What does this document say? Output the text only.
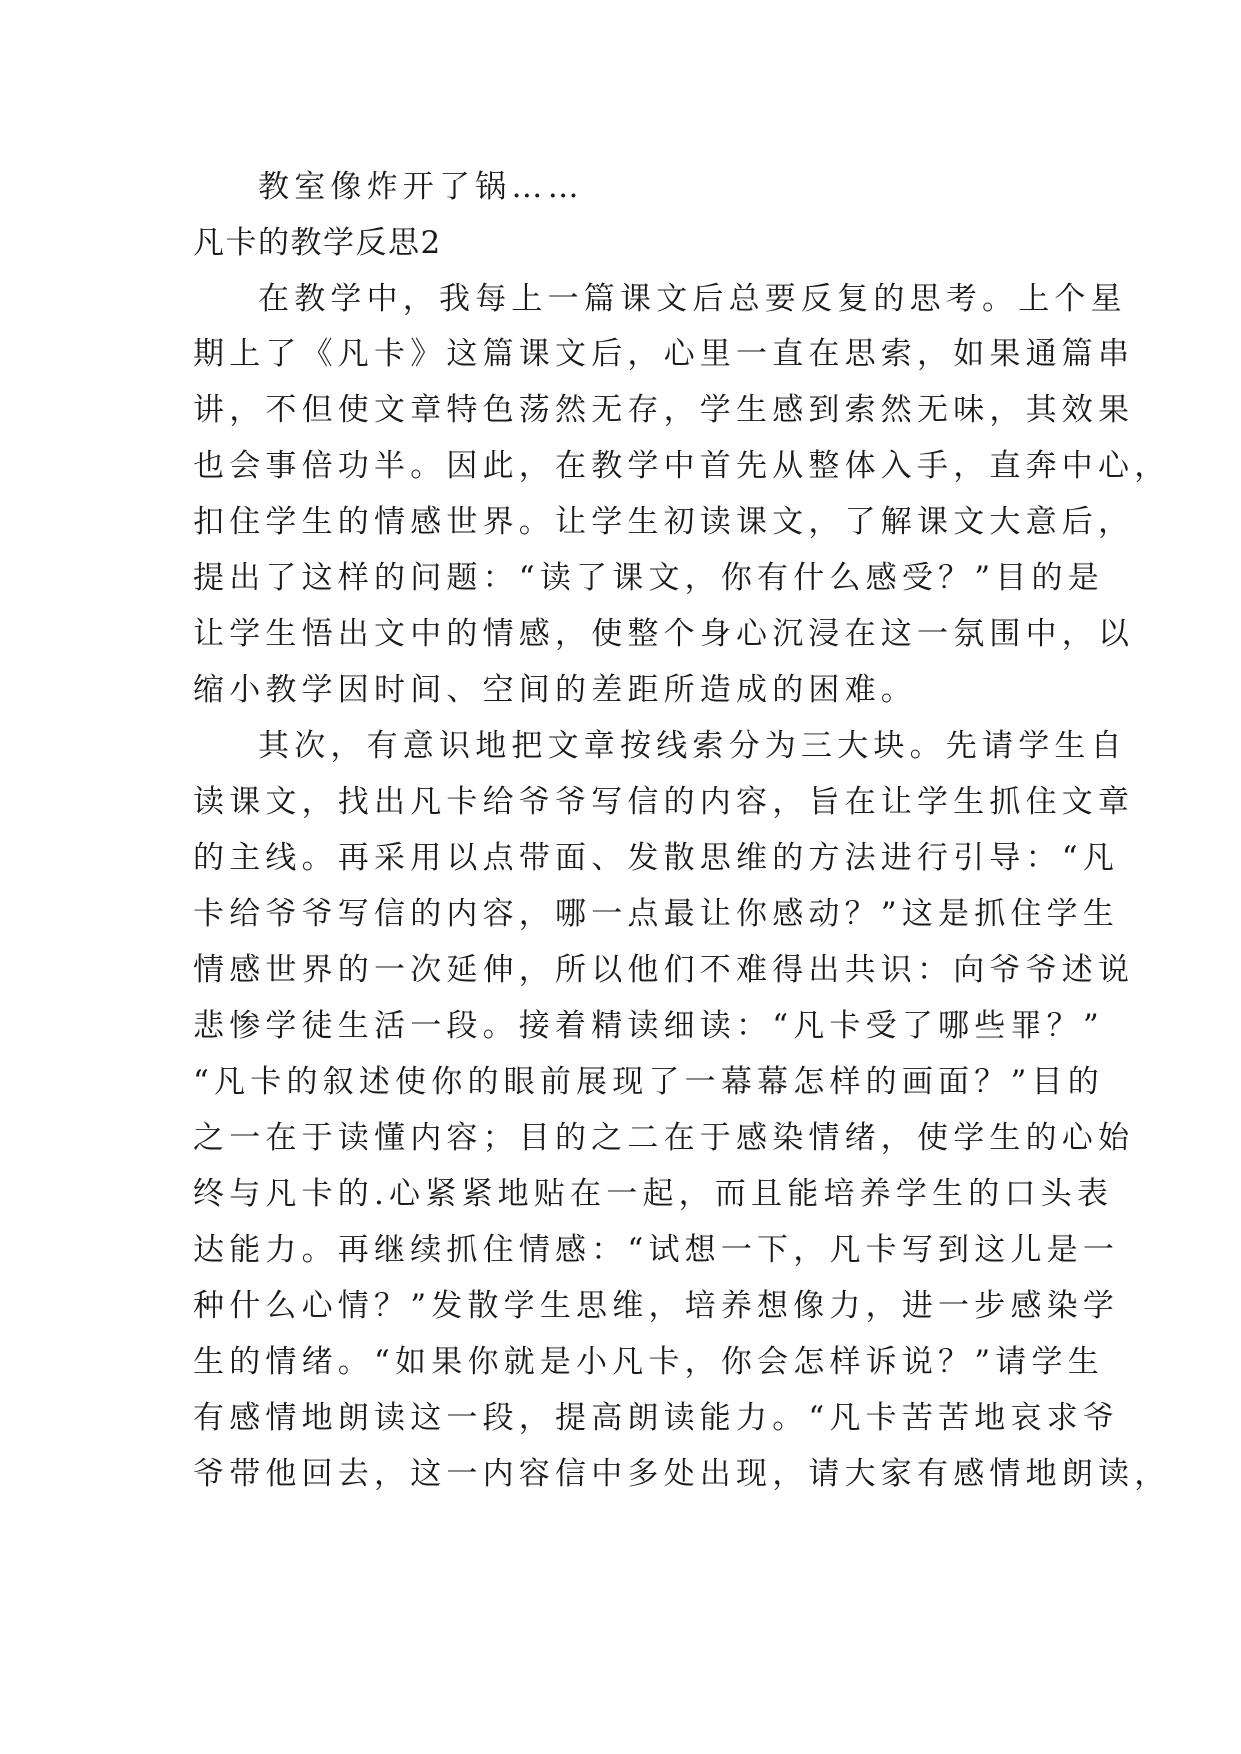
教室像炸开了锅……
凡卡的教学反思2
在教学中，我每上一篇课文后总要反复的思考。上个星
期上了《凡卡》这篇课文后，心里一直在思索，如果通篇串
讲，不但使文章特色荡然无存，学生感到索然无味，其效果
也会事倍功半。因此，在教学中首先从整体入手，直奔中心，
扣住学生的情感世界。让学生初读课文，了解课文大意后，
提出了这样的问题：“读了课文，你有什么感受？”目的是
让学生悟出文中的情感，使整个身心沉浸在这一氛围中，以
缩小教学因时间、空间的差距所造成的困难。
其次，有意识地把文章按线索分为三大块。先请学生自
读课文，找出凡卡给爷爷写信的内容，旨在让学生抓住文章
的主线。再采用以点带面、发散思维的方法进行引导：“凡
卡给爷爷写信的内容，哪一点最让你感动？”这是抓住学生
情感世界的一次延伸，所以他们不难得出共识：向爷爷述说
悲惨学徒生活一段。接着精读细读：“凡卡受了哪些罪？”
“凡卡的叙述使你的眼前展现了一幕幕怎样的画面？”目的
之一在于读懂内容；目的之二在于感染情绪，使学生的心始
终与凡卡的.心紧紧地贴在一起，而且能培养学生的口头表
达能力。再继续抓住情感：“试想一下，凡卡写到这儿是一
种什么心情？”发散学生思维，培养想像力，进一步感染学
生的情绪。“如果你就是小凡卡，你会怎样诉说？”请学生
有感情地朗读这一段，提高朗读能力。“凡卡苦苦地哀求爷
爷带他回去，这一内容信中多处出现，请大家有感情地朗读，
